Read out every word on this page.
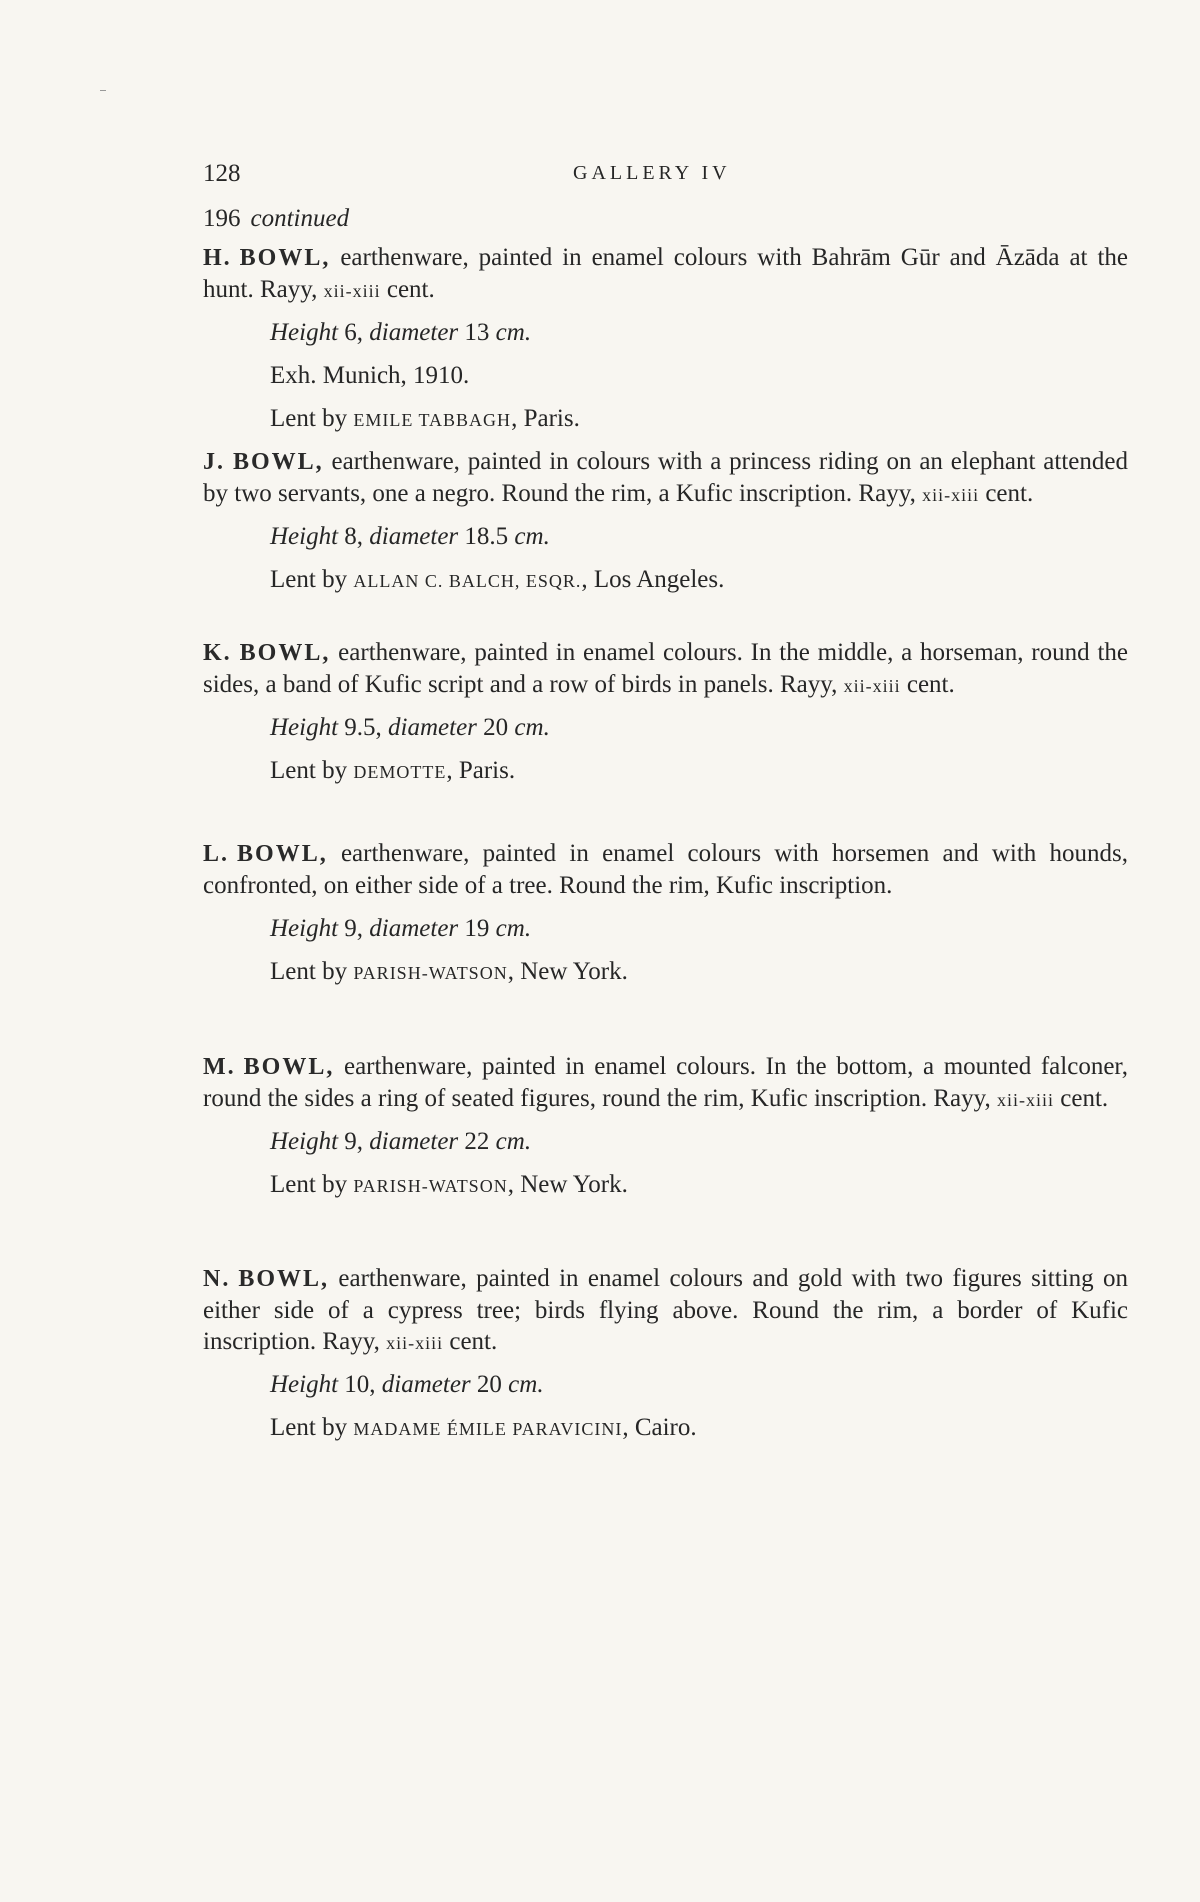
128	GALLERY IV
196 continued
H. BOWL, earthenware, painted in enamel colours with Bahrām Gūr and Āzāda at the hunt. Rayy, xii-xiii cent.
Height 6, diameter 13 cm.
Exh. Munich, 1910.
Lent by EMILE TABBAGH, Paris.
J. BOWL, earthenware, painted in colours with a princess riding on an elephant attended by two servants, one a negro. Round the rim, a Kufic inscription. Rayy, xii-xiii cent.
Height 8, diameter 18.5 cm.
Lent by ALLAN C. BALCH, ESQR., Los Angeles.
K. BOWL, earthenware, painted in enamel colours. In the middle, a horseman, round the sides, a band of Kufic script and a row of birds in panels. Rayy, xii-xiii cent.
Height 9.5, diameter 20 cm.
Lent by DEMOTTE, Paris.
L. BOWL, earthenware, painted in enamel colours with horsemen and with hounds, confronted, on either side of a tree. Round the rim, Kufic inscription.
Height 9, diameter 19 cm.
Lent by PARISH-WATSON, New York.
M. BOWL, earthenware, painted in enamel colours. In the bottom, a mounted falconer, round the sides a ring of seated figures, round the rim, Kufic inscription. Rayy, xii-xiii cent.
Height 9, diameter 22 cm.
Lent by PARISH-WATSON, New York.
N. BOWL, earthenware, painted in enamel colours and gold with two figures sitting on either side of a cypress tree; birds flying above. Round the rim, a border of Kufic inscription. Rayy, xii-xiii cent.
Height 10, diameter 20 cm.
Lent by MADAME ÉMILE PARAVICINI, Cairo.
